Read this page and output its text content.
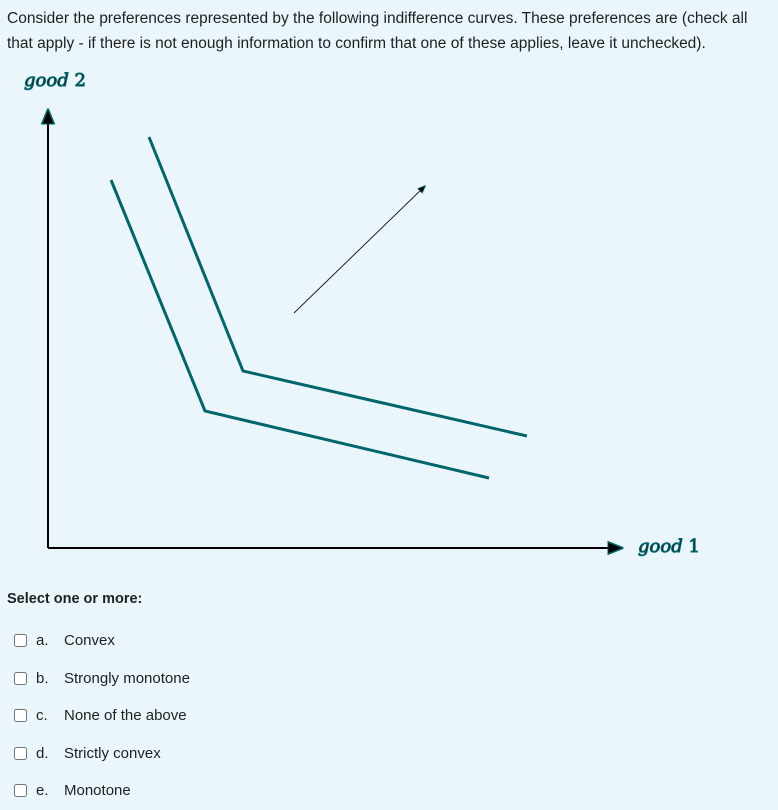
Consider the preferences represented by the following indifference curves. These preferences are (check all that apply - if there is not enough information to confirm that one of these applies, leave it unchecked).

good 2
good 1

Select one or more:

a.	Convex
b.	Strongly monotone
c.	None of the above
d.	Strictly convex
e.	Monotone
